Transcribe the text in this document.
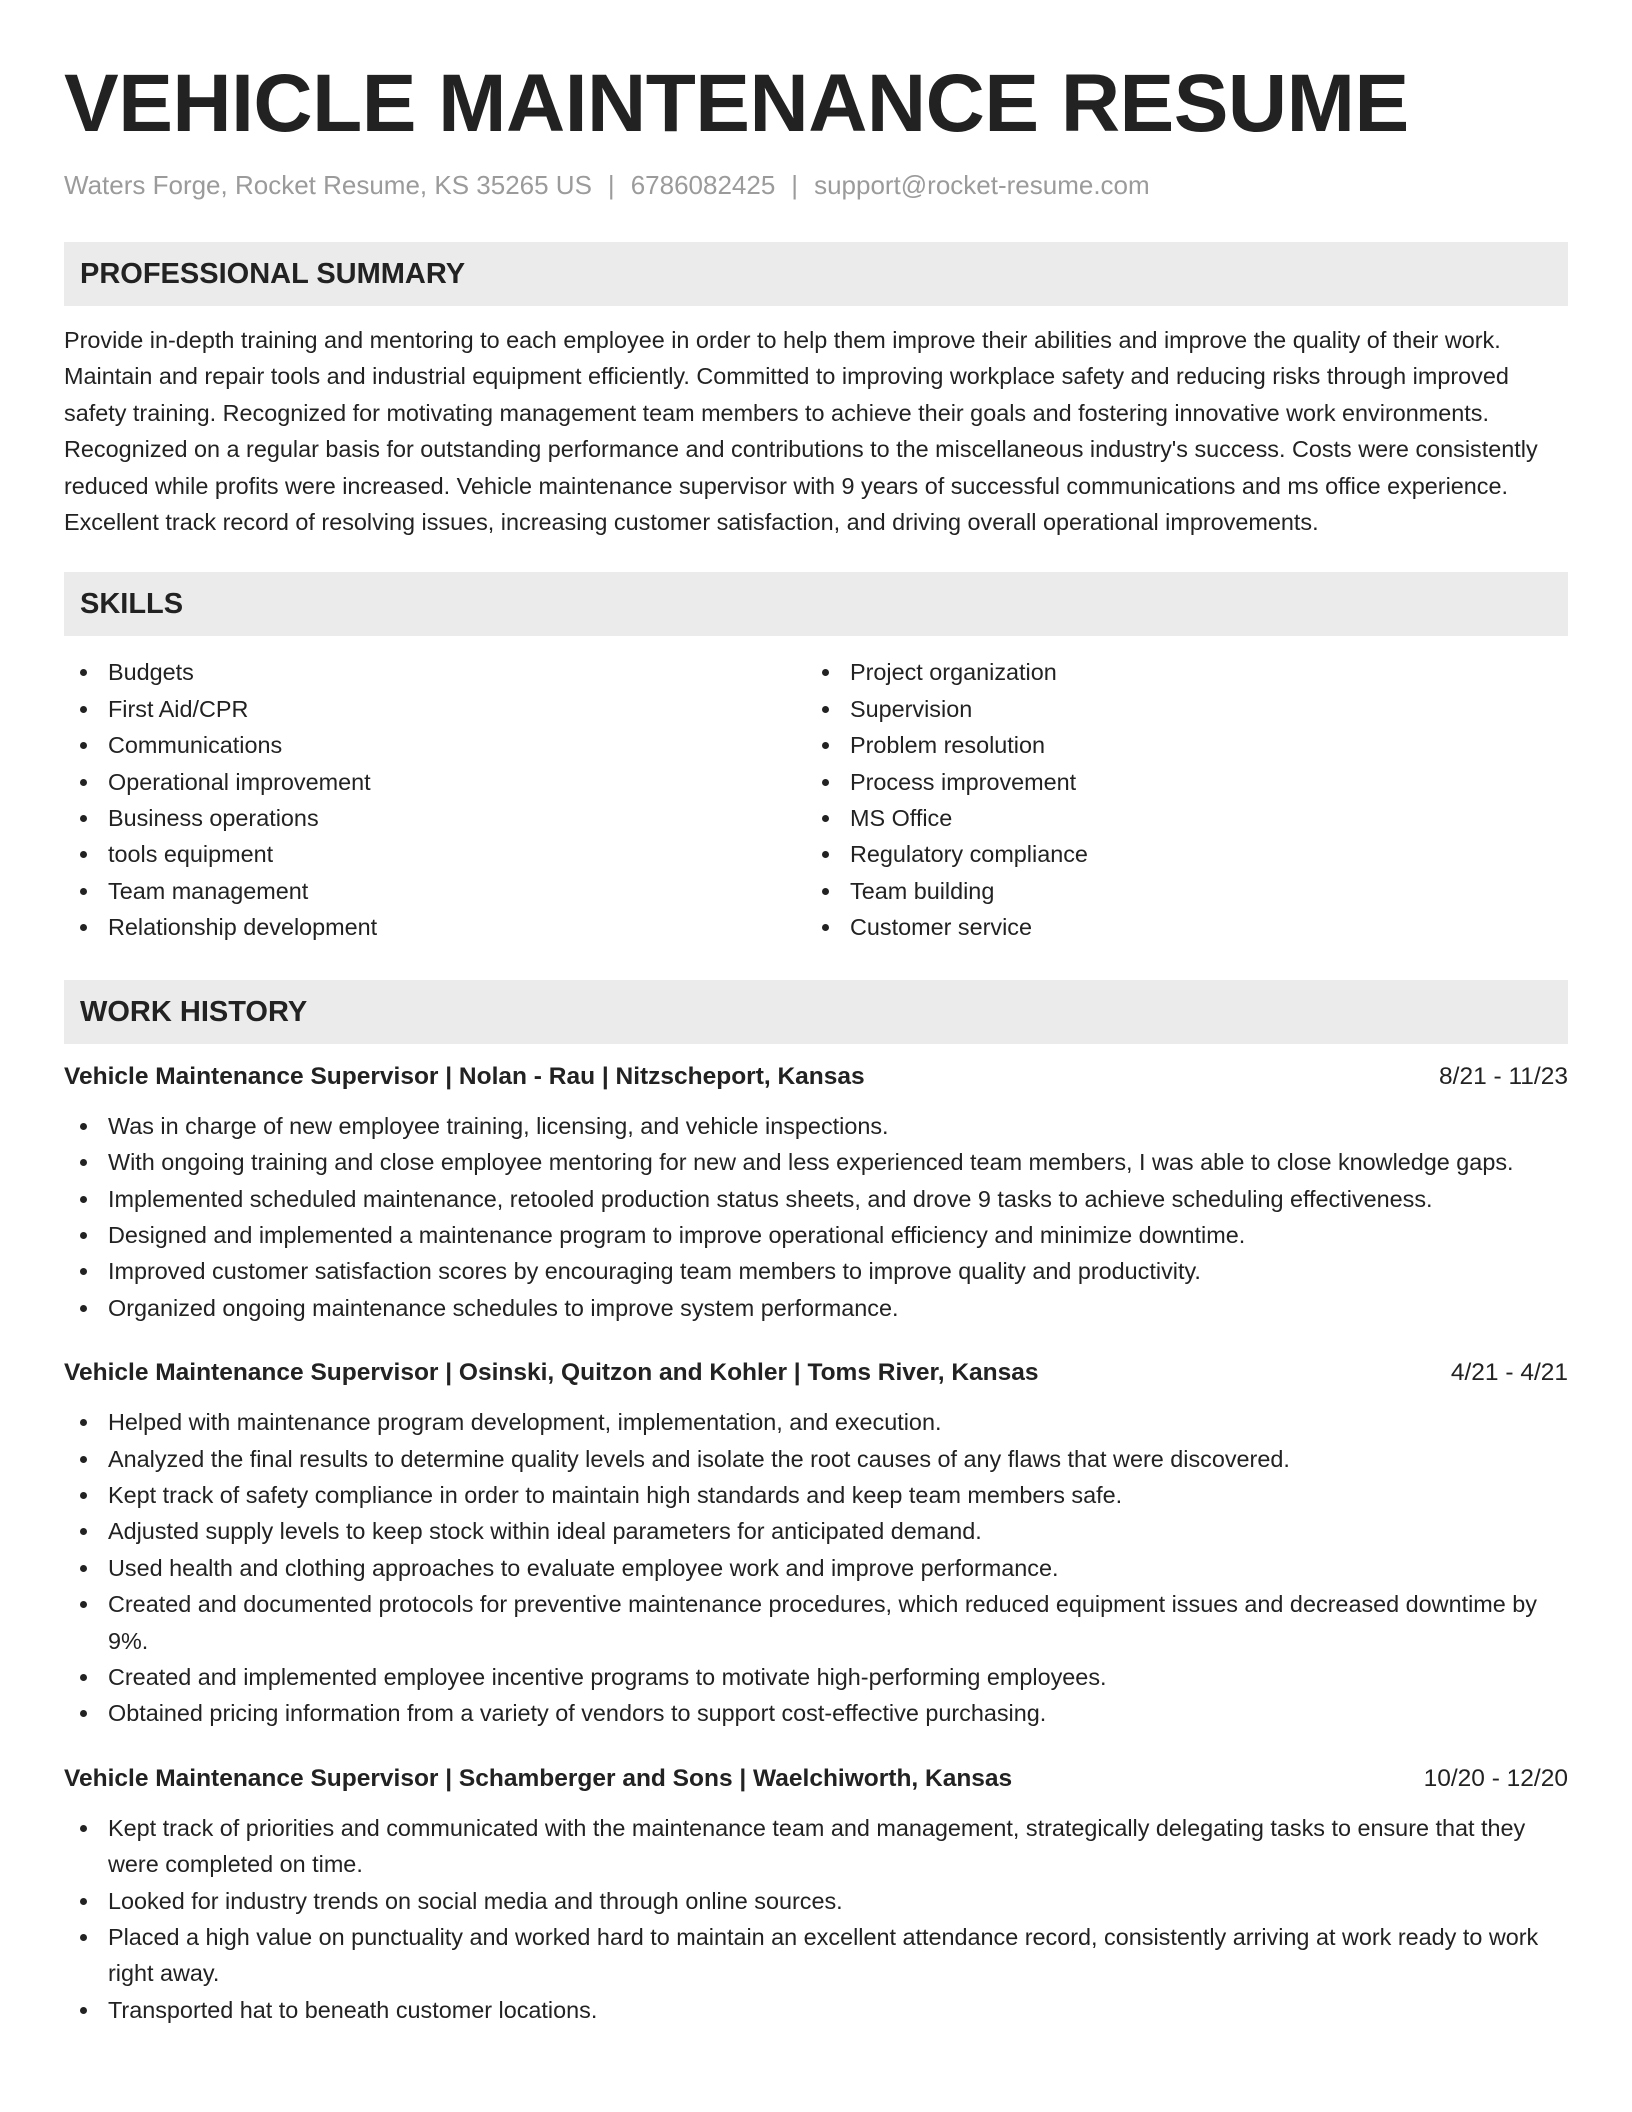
VEHICLE MAINTENANCE RESUME
Waters Forge, Rocket Resume, KS 35265 US | 6786082425 | support@rocket-resume.com
PROFESSIONAL SUMMARY

Provide in-depth training and mentoring to each employee in order to help them improve their abilities and improve the quality of their work. Maintain and repair tools and industrial equipment efficiently. Committed to improving workplace safety and reducing risks through improved safety training. Recognized for motivating management team members to achieve their goals and fostering innovative work environments. Recognized on a regular basis for outstanding performance and contributions to the miscellaneous industry's success. Costs were consistently reduced while profits were increased. Vehicle maintenance supervisor with 9 years of successful communications and ms office experience. Excellent track record of resolving issues, increasing customer satisfaction, and driving overall operational improvements.

SKILLS
Budgets
First Aid/CPR
Communications
Operational improvement
Business operations
tools equipment
Team management
Relationship development
Project organization
Supervision
Problem resolution
Process improvement
MS Office
Regulatory compliance
Team building
Customer service
WORK HISTORY
Vehicle Maintenance Supervisor | Nolan - Rau | Nitzscheport, Kansas	8/21 - 11/23
Was in charge of new employee training, licensing, and vehicle inspections.
With ongoing training and close employee mentoring for new and less experienced team members, I was able to close knowledge gaps.
Implemented scheduled maintenance, retooled production status sheets, and drove 9 tasks to achieve scheduling effectiveness.
Designed and implemented a maintenance program to improve operational efficiency and minimize downtime.
Improved customer satisfaction scores by encouraging team members to improve quality and productivity.
Organized ongoing maintenance schedules to improve system performance.
Vehicle Maintenance Supervisor | Osinski, Quitzon and Kohler | Toms River, Kansas	4/21 - 4/21
Helped with maintenance program development, implementation, and execution.
Analyzed the final results to determine quality levels and isolate the root causes of any flaws that were discovered.
Kept track of safety compliance in order to maintain high standards and keep team members safe.
Adjusted supply levels to keep stock within ideal parameters for anticipated demand.
Used health and clothing approaches to evaluate employee work and improve performance.
Created and documented protocols for preventive maintenance procedures, which reduced equipment issues and decreased downtime by 9%.
Created and implemented employee incentive programs to motivate high-performing employees.
Obtained pricing information from a variety of vendors to support cost-effective purchasing.
Vehicle Maintenance Supervisor | Schamberger and Sons | Waelchiworth, Kansas	10/20 - 12/20
Kept track of priorities and communicated with the maintenance team and management, strategically delegating tasks to ensure that they were completed on time.
Looked for industry trends on social media and through online sources.
Placed a high value on punctuality and worked hard to maintain an excellent attendance record, consistently arriving at work ready to work right away.
Transported hat to beneath customer locations.
